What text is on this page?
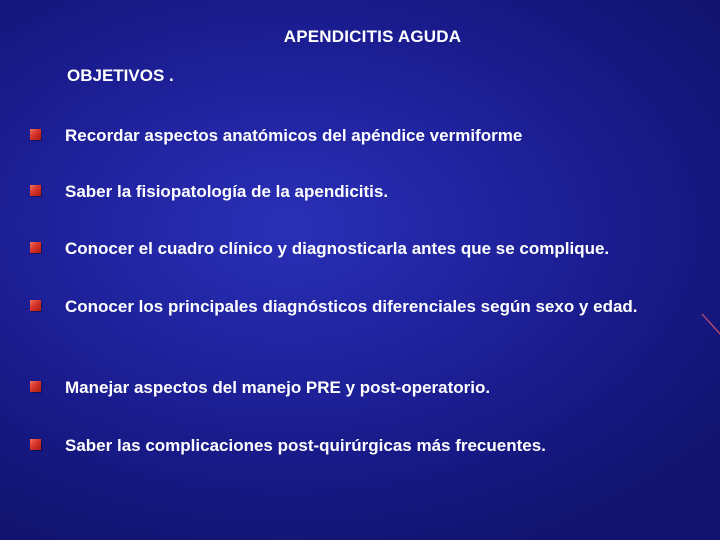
APENDICITIS AGUDA
OBJETIVOS .
Recordar aspectos anatómicos del apéndice vermiforme
Saber la fisiopatología de la apendicitis.
Conocer el cuadro clínico y diagnosticarla antes que se complique.
Conocer los principales diagnósticos diferenciales según sexo y edad.
Manejar aspectos del manejo PRE y post-operatorio.
Saber las complicaciones post-quirúrgicas más frecuentes.
